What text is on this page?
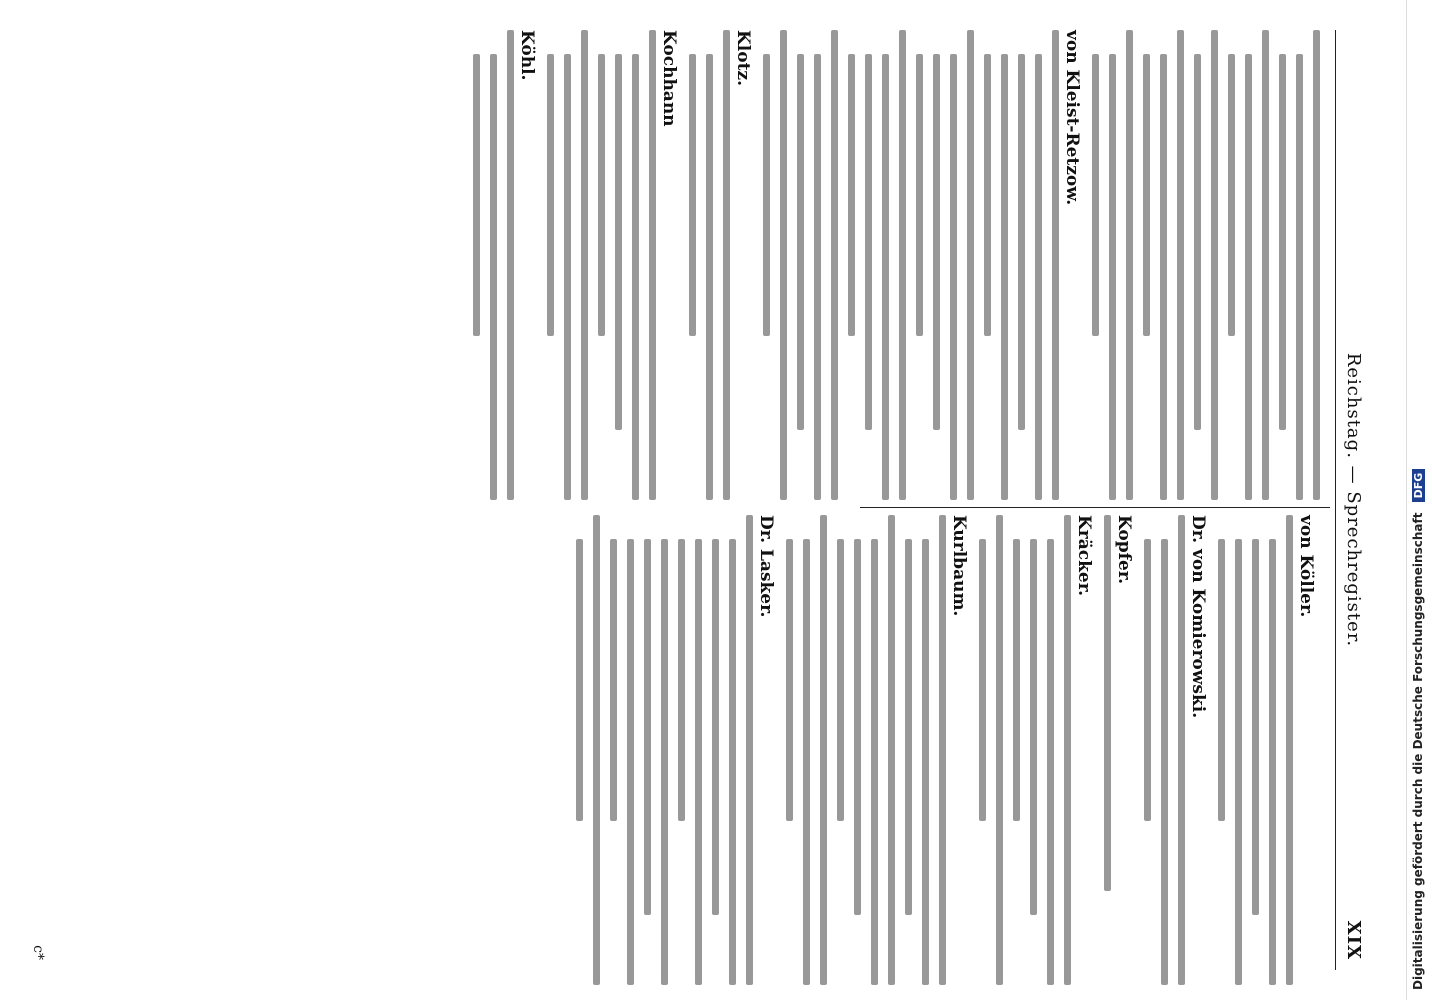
Reichstag. — Sprechregister.
XIX
von Kleist-Retzow.
Klotz.
Kochhann
Köhl.
von Köller.
Dr. von Komierowski.
Kopfer.
Kräcker.
Kurlbaum.
Dr. Lasker.
c*	Digitalisierung gefördert durch die Deutsche Forschungsgemeinschaft DFG
